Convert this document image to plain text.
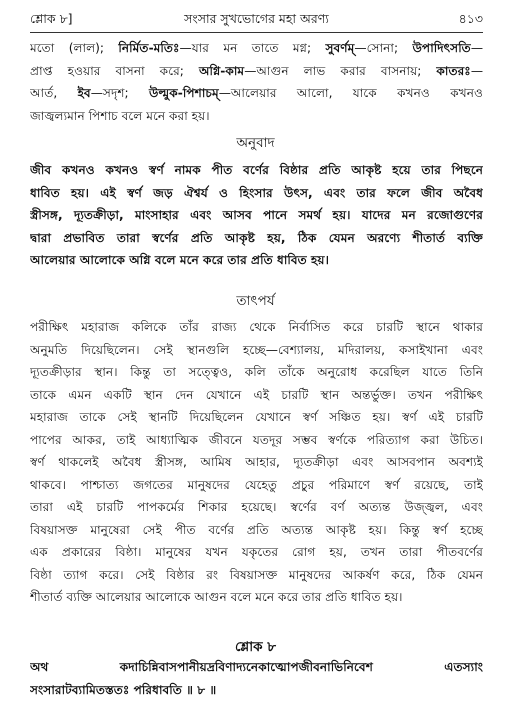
শ্লোক ৮]	সংসার সুখভোগের মহা অরণ্য	৪১৩
মতো (লাল); নির্মিত-মতিঃ—যার মন তাতে মগ্ন; সুবর্ণম্—সোনা; উপাদিৎসতি—
প্রাপ্ত হওয়ার বাসনা করে; অগ্নি-কাম—আগুন লাভ করার বাসনায়; কাতরঃ—
আর্ত, ইব—সদৃশ; উল্মুক-পিশাচম্—আলেয়ার আলো, যাকে কখনও কখনও
জাজ্বল্যমান পিশাচ বলে মনে করা হয়।
অনুবাদ
জীব কখনও কখনও স্বর্ণ নামক পীত বর্ণের বিষ্ঠার প্রতি আকৃষ্ট হয়ে তার পিছনে
ধাবিত হয়। এই স্বর্ণ জড় ঐশ্বর্য ও হিংসার উৎস, এবং তার ফলে জীব অবৈধ
স্ত্রীসঙ্গ, দ্যূতক্রীড়া, মাংসাহার এবং আসব পানে সমর্থ হয়। যাদের মন রজোগুণের
দ্বারা প্রভাবিত তারা স্বর্ণের প্রতি আকৃষ্ট হয়, ঠিক যেমন অরণ্যে শীতার্ত ব্যক্তি
আলেয়ার আলোকে অগ্নি বলে মনে করে তার প্রতি ধাবিত হয়।
তাৎপর্য
পরীক্ষিৎ মহারাজ কলিকে তাঁর রাজ্য থেকে নির্বাসিত করে চারটি স্থানে থাকার
অনুমতি দিয়েছিলেন। সেই স্থানগুলি হচ্ছে—বেশ্যালয়, মদিরালয়, কসাইখানা এবং
দ্যূতক্রীড়ার স্থান। কিন্তু তা সত্ত্বেও, কলি তাঁকে অনুরোধ করেছিল যাতে তিনি
তাকে এমন একটি স্থান দেন যেখানে এই চারটি স্থান অন্তর্ভুক্ত। তখন পরীক্ষিৎ
মহারাজ তাকে সেই স্থানটি দিয়েছিলেন যেখানে স্বর্ণ সঞ্চিত হয়। স্বর্ণ এই চারটি
পাপের আকর, তাই আধ্যাত্মিক জীবনে যতদূর সম্ভব স্বর্ণকে পরিত্যাগ করা উচিত।
স্বর্ণ থাকলেই অবৈধ স্ত্রীসঙ্গ, আমিষ আহার, দ্যূতক্রীড়া এবং আসবপান অবশ্যই
থাকবে। পাশ্চাত্য জগতের মানুষদের যেহেতু প্রচুর পরিমাণে স্বর্ণ রয়েছে, তাই
তারা এই চারটি পাপকর্মের শিকার হয়েছে। স্বর্ণের বর্ণ অত্যন্ত উজ্জ্বল, এবং
বিষয়াসক্ত মানুষেরা সেই পীত বর্ণের প্রতি অত্যন্ত আকৃষ্ট হয়। কিন্তু স্বর্ণ হচ্ছে
এক প্রকারের বিষ্ঠা। মানুষের যখন যকৃতের রোগ হয়, তখন তারা পীতবর্ণের
বিষ্ঠা ত্যাগ করে। সেই বিষ্ঠার রং বিষয়াসক্ত মানুষদের আকর্ষণ করে, ঠিক যেমন
শীতার্ত ব্যক্তি আলেয়ার আলোকে আগুন বলে মনে করে তার প্রতি ধাবিত হয়।
শ্লোক ৮
অথ কদাচিন্নিবাসপানীয়দ্রবিণাদ্যনেকাত্মোপজীবনাভিনিবেশ এতস্যাং
সংসারাটব্যামিতস্ততঃ পরিধাবতি ॥ ৮ ॥
